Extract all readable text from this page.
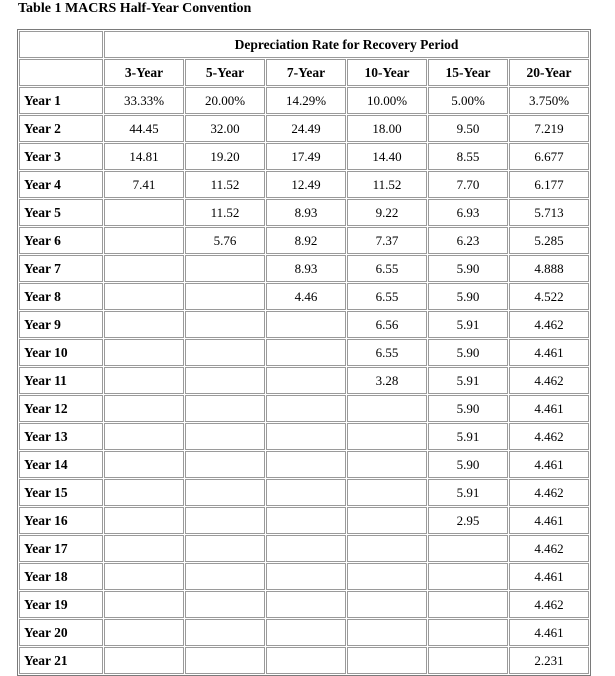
Table 1 MACRS Half-Year Convention
	Depreciation Rate for Recovery Period					
	3-Year	5-Year	7-Year	10-Year	15-Year	20-Year
Year 1	33.33%	20.00%	14.29%	10.00%	5.00%	3.750%
Year 2	44.45	32.00	24.49	18.00	9.50	7.219
Year 3	14.81	19.20	17.49	14.40	8.55	6.677
Year 4	7.41	11.52	12.49	11.52	7.70	6.177
Year 5		11.52	8.93	9.22	6.93	5.713
Year 6		5.76	8.92	7.37	6.23	5.285
Year 7			8.93	6.55	5.90	4.888
Year 8			4.46	6.55	5.90	4.522
Year 9				6.56	5.91	4.462
Year 10				6.55	5.90	4.461
Year 11				3.28	5.91	4.462
Year 12					5.90	4.461
Year 13					5.91	4.462
Year 14					5.90	4.461
Year 15					5.91	4.462
Year 16					2.95	4.461
Year 17						4.462
Year 18						4.461
Year 19						4.462
Year 20						4.461
Year 21						2.231
